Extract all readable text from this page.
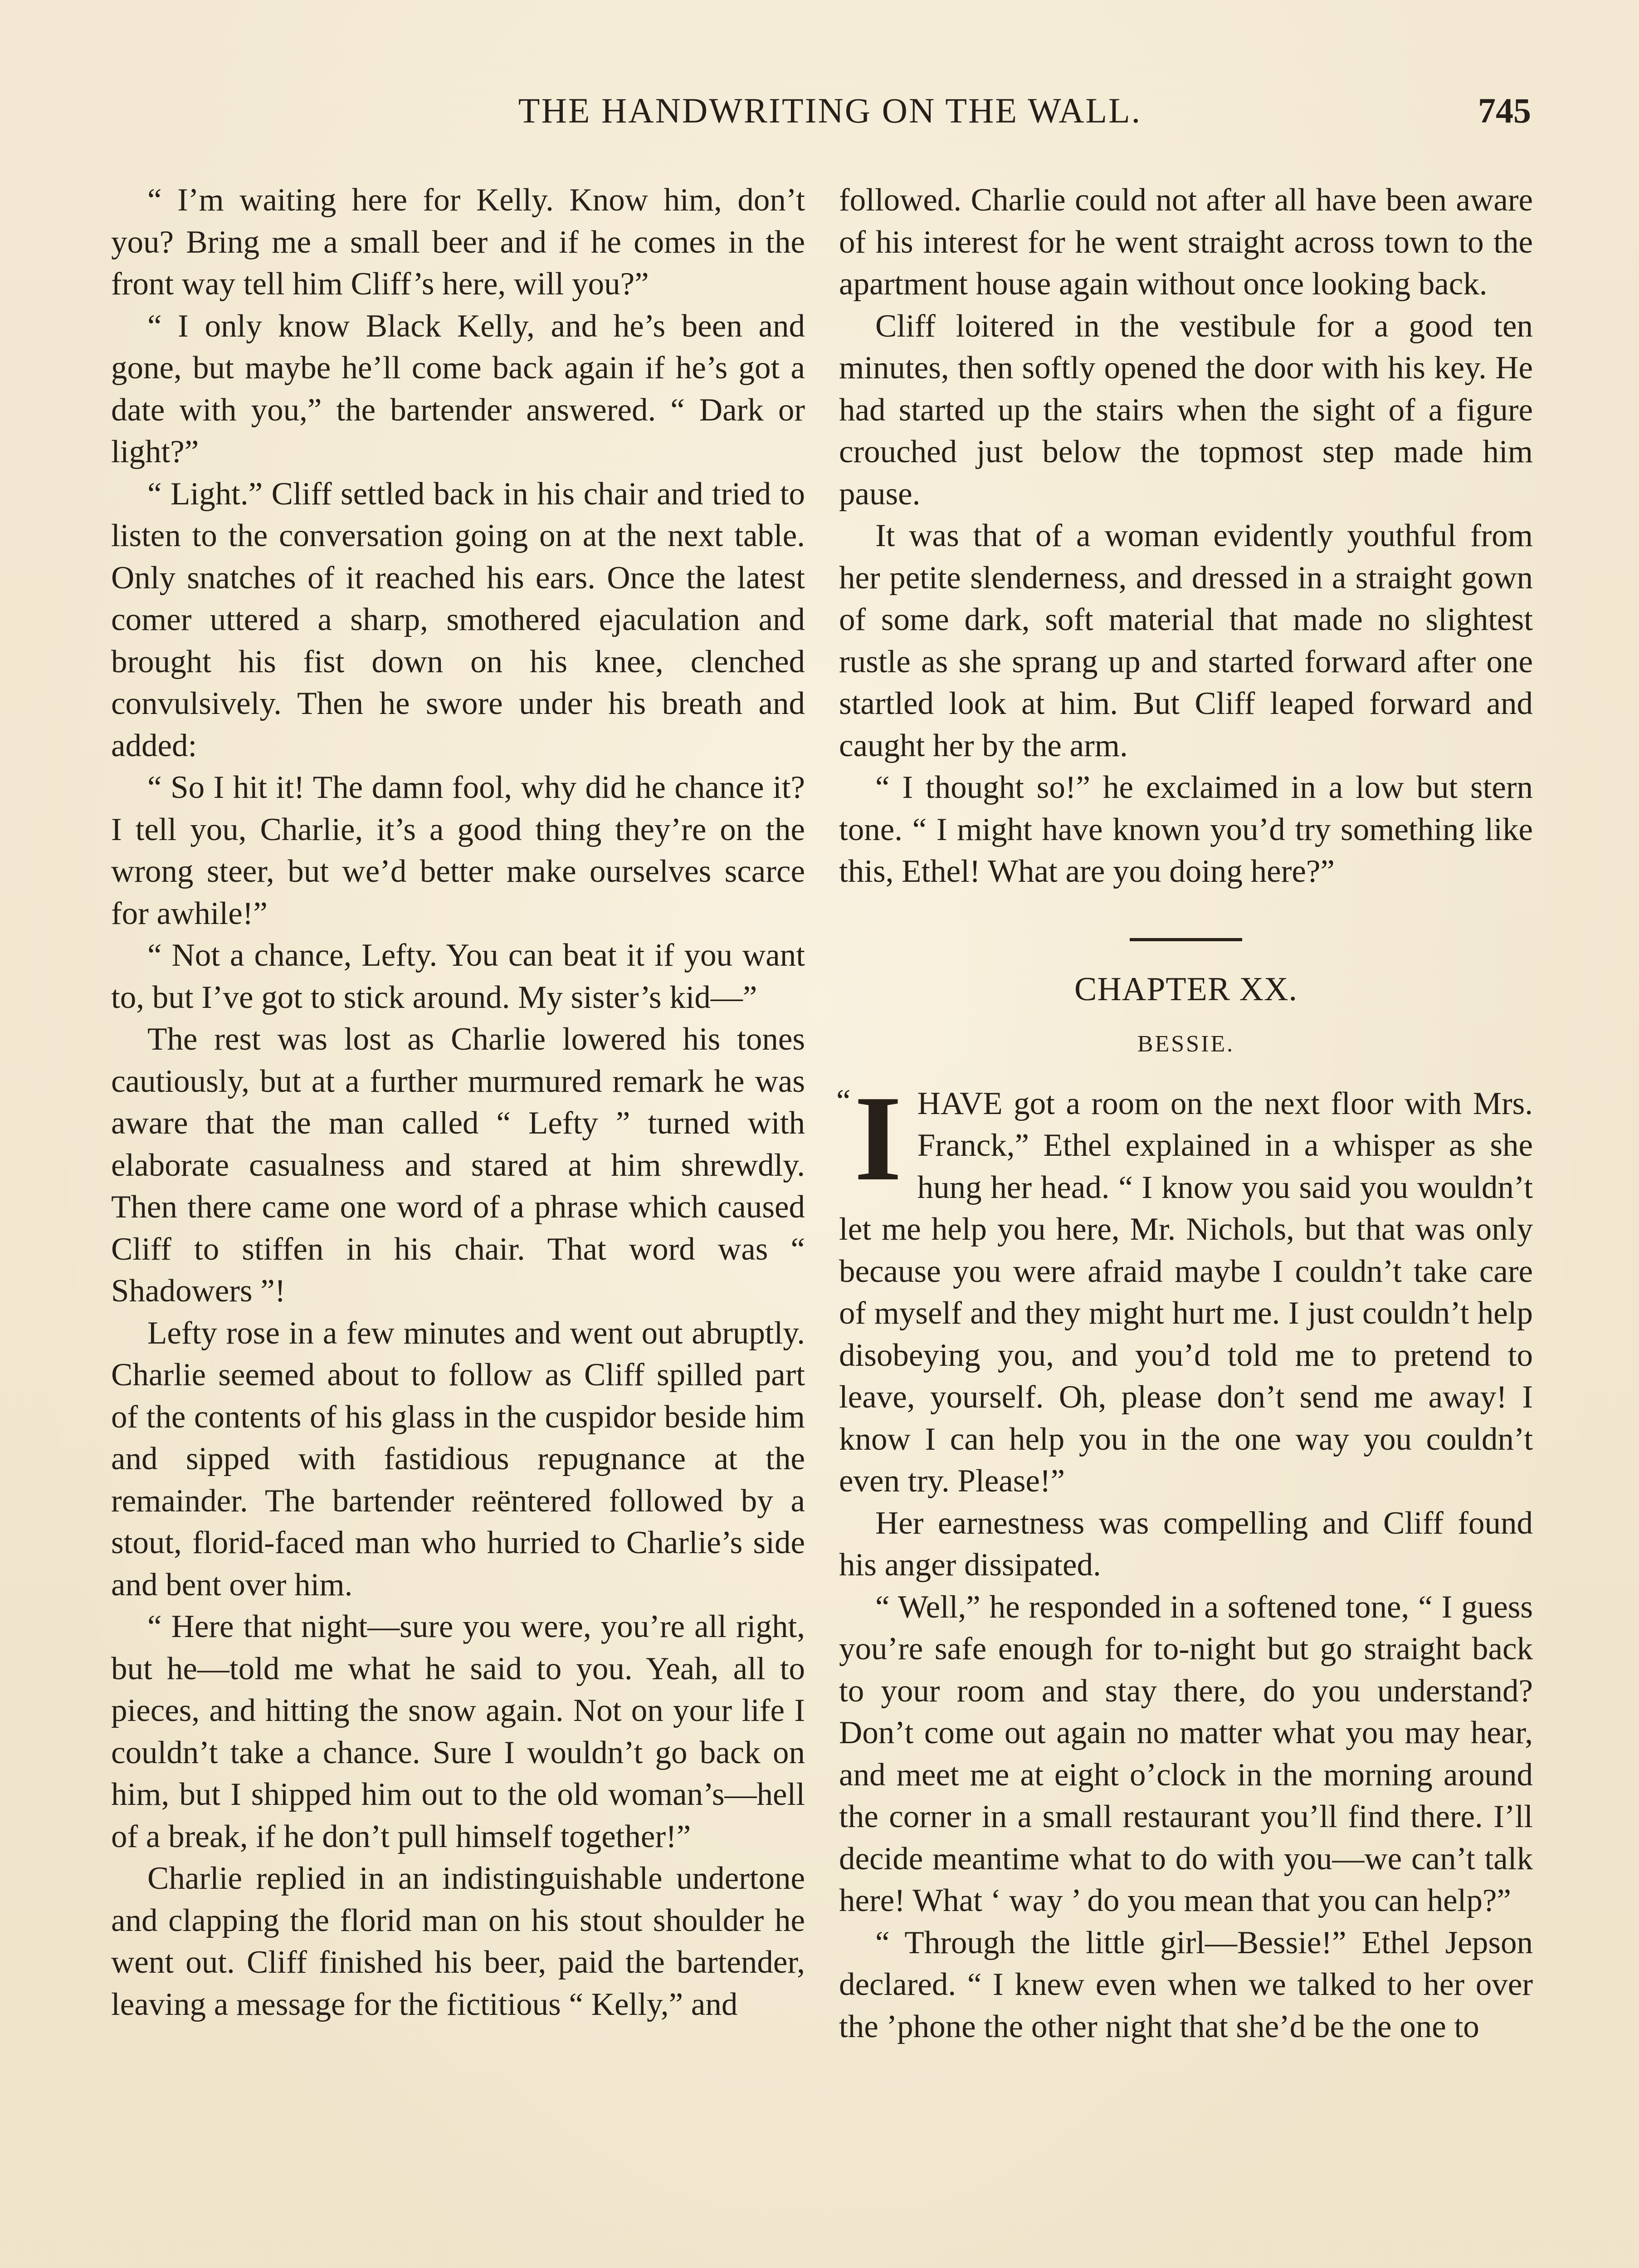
THE HANDWRITING ON THE WALL.	745

“ I’m waiting here for Kelly. Know him, don’t you? Bring me a small beer and if he comes in the front way tell him Cliff’s here, will you?”

“ I only know Black Kelly, and he’s been and gone, but maybe he’ll come back again if he’s got a date with you,” the bartender answered. “ Dark or light?”

“ Light.” Cliff settled back in his chair and tried to listen to the conversation going on at the next table. Only snatches of it reached his ears. Once the latest comer uttered a sharp, smothered ejaculation and brought his fist down on his knee, clenched convulsively. Then he swore under his breath and added:

“ So I hit it! The damn fool, why did he chance it? I tell you, Charlie, it’s a good thing they’re on the wrong steer, but we’d better make ourselves scarce for awhile!”

“ Not a chance, Lefty. You can beat it if you want to, but I’ve got to stick around. My sister’s kid—”

The rest was lost as Charlie lowered his tones cautiously, but at a further murmured remark he was aware that the man called “ Lefty ” turned with elaborate casualness and stared at him shrewdly. Then there came one word of a phrase which caused Cliff to stiffen in his chair. That word was “ Shadowers ”!

Lefty rose in a few minutes and went out abruptly. Charlie seemed about to follow as Cliff spilled part of the contents of his glass in the cuspidor beside him and sipped with fastidious repugnance at the remainder. The bartender reëntered followed by a stout, florid-faced man who hurried to Charlie’s side and bent over him.

“ Here that night—sure you were, you’re all right, but he—told me what he said to you. Yeah, all to pieces, and hitting the snow again. Not on your life I couldn’t take a chance. Sure I wouldn’t go back on him, but I shipped him out to the old woman’s—hell of a break, if he don’t pull himself together!”

Charlie replied in an indistinguishable undertone and clapping the florid man on his stout shoulder he went out. Cliff finished his beer, paid the bartender, leaving a message for the fictitious “ Kelly,” and

followed. Charlie could not after all have been aware of his interest for he went straight across town to the apartment house again without once looking back.

Cliff loitered in the vestibule for a good ten minutes, then softly opened the door with his key. He had started up the stairs when the sight of a figure crouched just below the topmost step made him pause.

It was that of a woman evidently youthful from her petite slenderness, and dressed in a straight gown of some dark, soft material that made no slightest rustle as she sprang up and started forward after one startled look at him. But Cliff leaped forward and caught her by the arm.

“ I thought so!” he exclaimed in a low but stern tone. “ I might have known you’d try something like this, Ethel! What are you doing here?”

CHAPTER XX.
BESSIE.

“ I HAVE got a room on the next floor with Mrs. Franck,” Ethel explained in a whisper as she hung her head. “ I know you said you wouldn’t let me help you here, Mr. Nichols, but that was only because you were afraid maybe I couldn’t take care of myself and they might hurt me. I just couldn’t help disobeying you, and you’d told me to pretend to leave, yourself. Oh, please don’t send me away! I know I can help you in the one way you couldn’t even try. Please!”

Her earnestness was compelling and Cliff found his anger dissipated.

“ Well,” he responded in a softened tone, “ I guess you’re safe enough for to-night but go straight back to your room and stay there, do you understand? Don’t come out again no matter what you may hear, and meet me at eight o’clock in the morning around the corner in a small restaurant you’ll find there. I’ll decide meantime what to do with you—we can’t talk here! What ‘ way ’ do you mean that you can help?”

“ Through the little girl—Bessie!” Ethel Jepson declared. “ I knew even when we talked to her over the ’phone the other night that she’d be the one to
